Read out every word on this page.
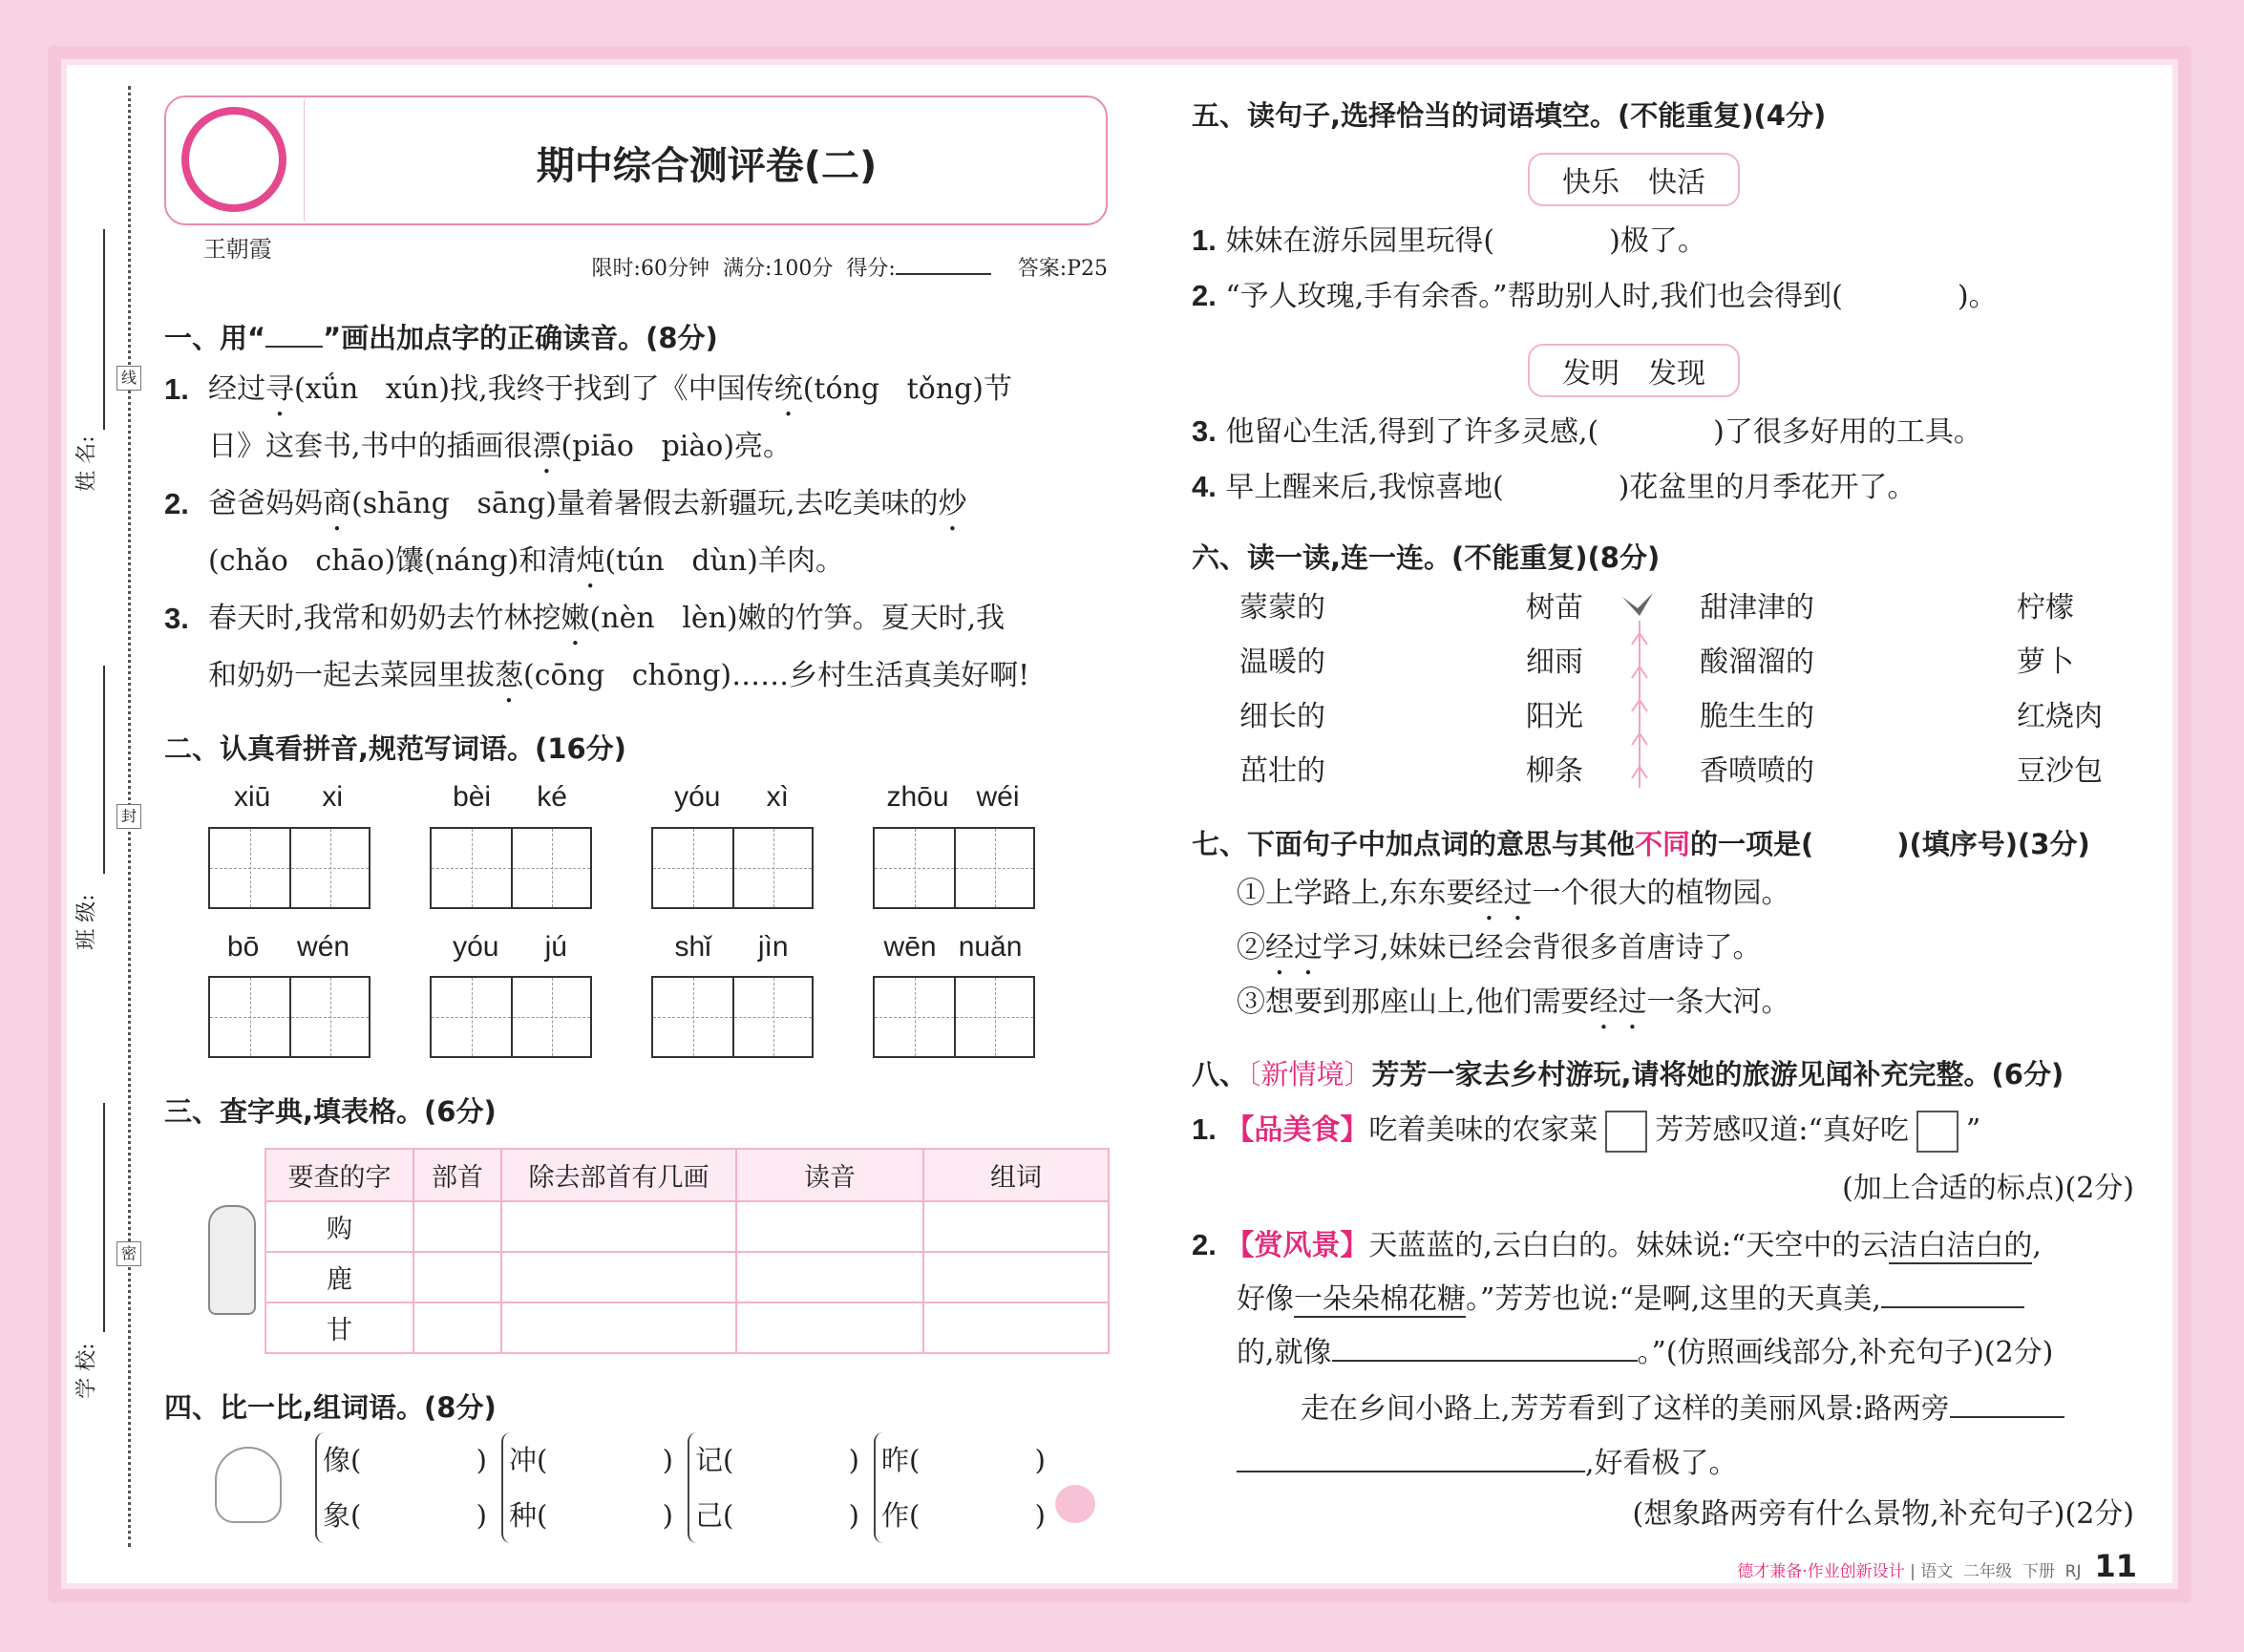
姓 名:
班 级:
学 校:
线
封
密

王朝霞
期中综合测评卷(二)
限时:60分钟 满分:100分 得分:	答案:P25
一、用“ ”画出加点字的正确读音。(8分)
二、认真看拼音,规范写词语。(16分)
三、查字典,填表格。(6分)
要查的字	部首	除去部首有几画	读音	组词
购				
鹿				
甘				
四、比一比,组词语。(8分)
五、读句子,选择恰当的词语填空。(不能重复)(4分)
快乐　快活
发明　发现
六、读一读,连一连。(不能重复)(8分)
七、下面句子中加点词的意思与其他不同的一项是(　　　)(填序号)(3分)
八、〔新情境〕芳芳一家去乡村游玩,请将她的旅游见闻补充完整。(6分)
1. 【品美食】吃着美味的农家菜 芳芳感叹道:“真好吃 ”
(加上合适的标点)(2分)
2. 【赏风景】天蓝蓝的,云白白的。妹妹说:“天空中的云洁白洁白的,
好像一朵朵棉花糖。”芳芳也说:“是啊,这里的天真美,
的,就像	。”(仿照画线部分,补充句子)(2分)
走在乡间小路上,芳芳看到了这样的美丽风景:路两旁
,好看极了。
(想象路两旁有什么景物,补充句子)(2分)
德才兼备·作业创新设计 | 语文  二年级  下册  RJ 11
1. 经过寻(xǘn   xún)找,我终于找到了《中国传统(tóng   tǒng)节
日》这套书,书中的插画很漂(piāo   piào)亮。
2. 爸爸妈妈商(shāng   sāng)量着暑假去新疆玩,去吃美味的炒
(chǎo   chāo)馕(náng)和清炖(tún   dùn)羊肉。
3. 春天时,我常和奶奶去竹林挖嫩(nèn   lèn)嫩的竹笋。夏天时,我
和奶奶一起去菜园里拔葱(cōng   chōng)……乡村生活真美好啊!
xiū xi	bèi ké	yóu xì	zhōu wéi
bō wén	yóu jú	shǐ jìn	wēn nuǎn
像(	)
象(	)
冲(	)
种(	)
记(	)
己(	)
昨(	)
作(	)
1. 妹妹在游乐园里玩得(　　　　)极了。
2. “予人玫瑰,手有余香。”帮助别人时,我们也会得到(　　　　)。
3. 他留心生活,得到了许多灵感,(　　　　)了很多好用的工具。
4. 早上醒来后,我惊喜地(　　　　)花盆里的月季花开了。
蒙蒙的
温暖的
细长的
茁壮的
树苗
细雨
阳光
柳条
甜津津的
酸溜溜的
脆生生的
香喷喷的
柠檬
萝卜
红烧肉
豆沙包
①上学路上,东东要经过一个很大的植物园。
②经过学习,妹妹已经会背很多首唐诗了。
③想要到那座山上,他们需要经过一条大河。
